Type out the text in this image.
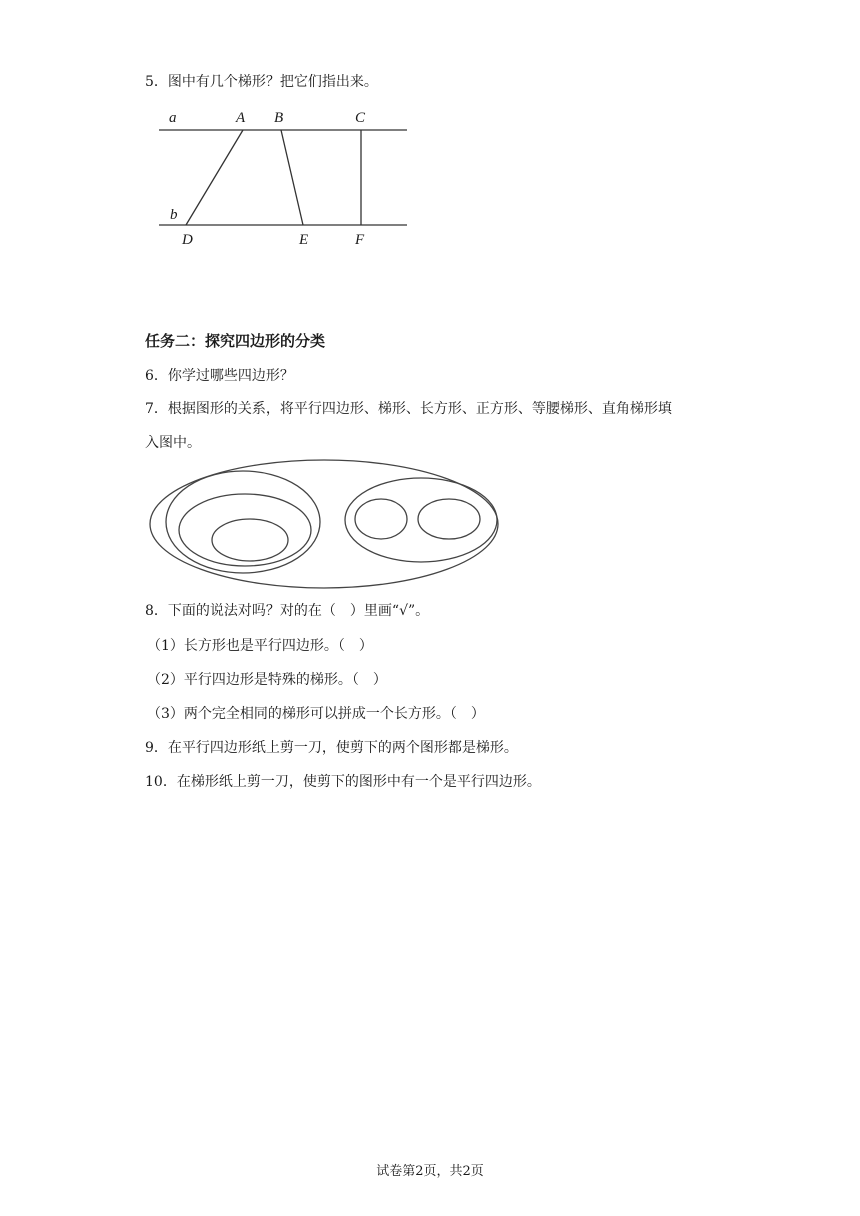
5．图中有几个梯形？把它们指出来。
a	A B	C
b
D	E	F
任务二：探究四边形的分类
6．你学过哪些四边形？
7．根据图形的关系，将平行四边形、梯形、长方形、正方形、等腰梯形、直角梯形填
入图中。
8．下面的说法对吗？对的在（　）里画“√”。
（1）长方形也是平行四边形。（　）
（2）平行四边形是特殊的梯形。（　）
（3）两个完全相同的梯形可以拼成一个长方形。（　）
9．在平行四边形纸上剪一刀，使剪下的两个图形都是梯形。
10．在梯形纸上剪一刀，使剪下的图形中有一个是平行四边形。
试卷第2页，共2页
